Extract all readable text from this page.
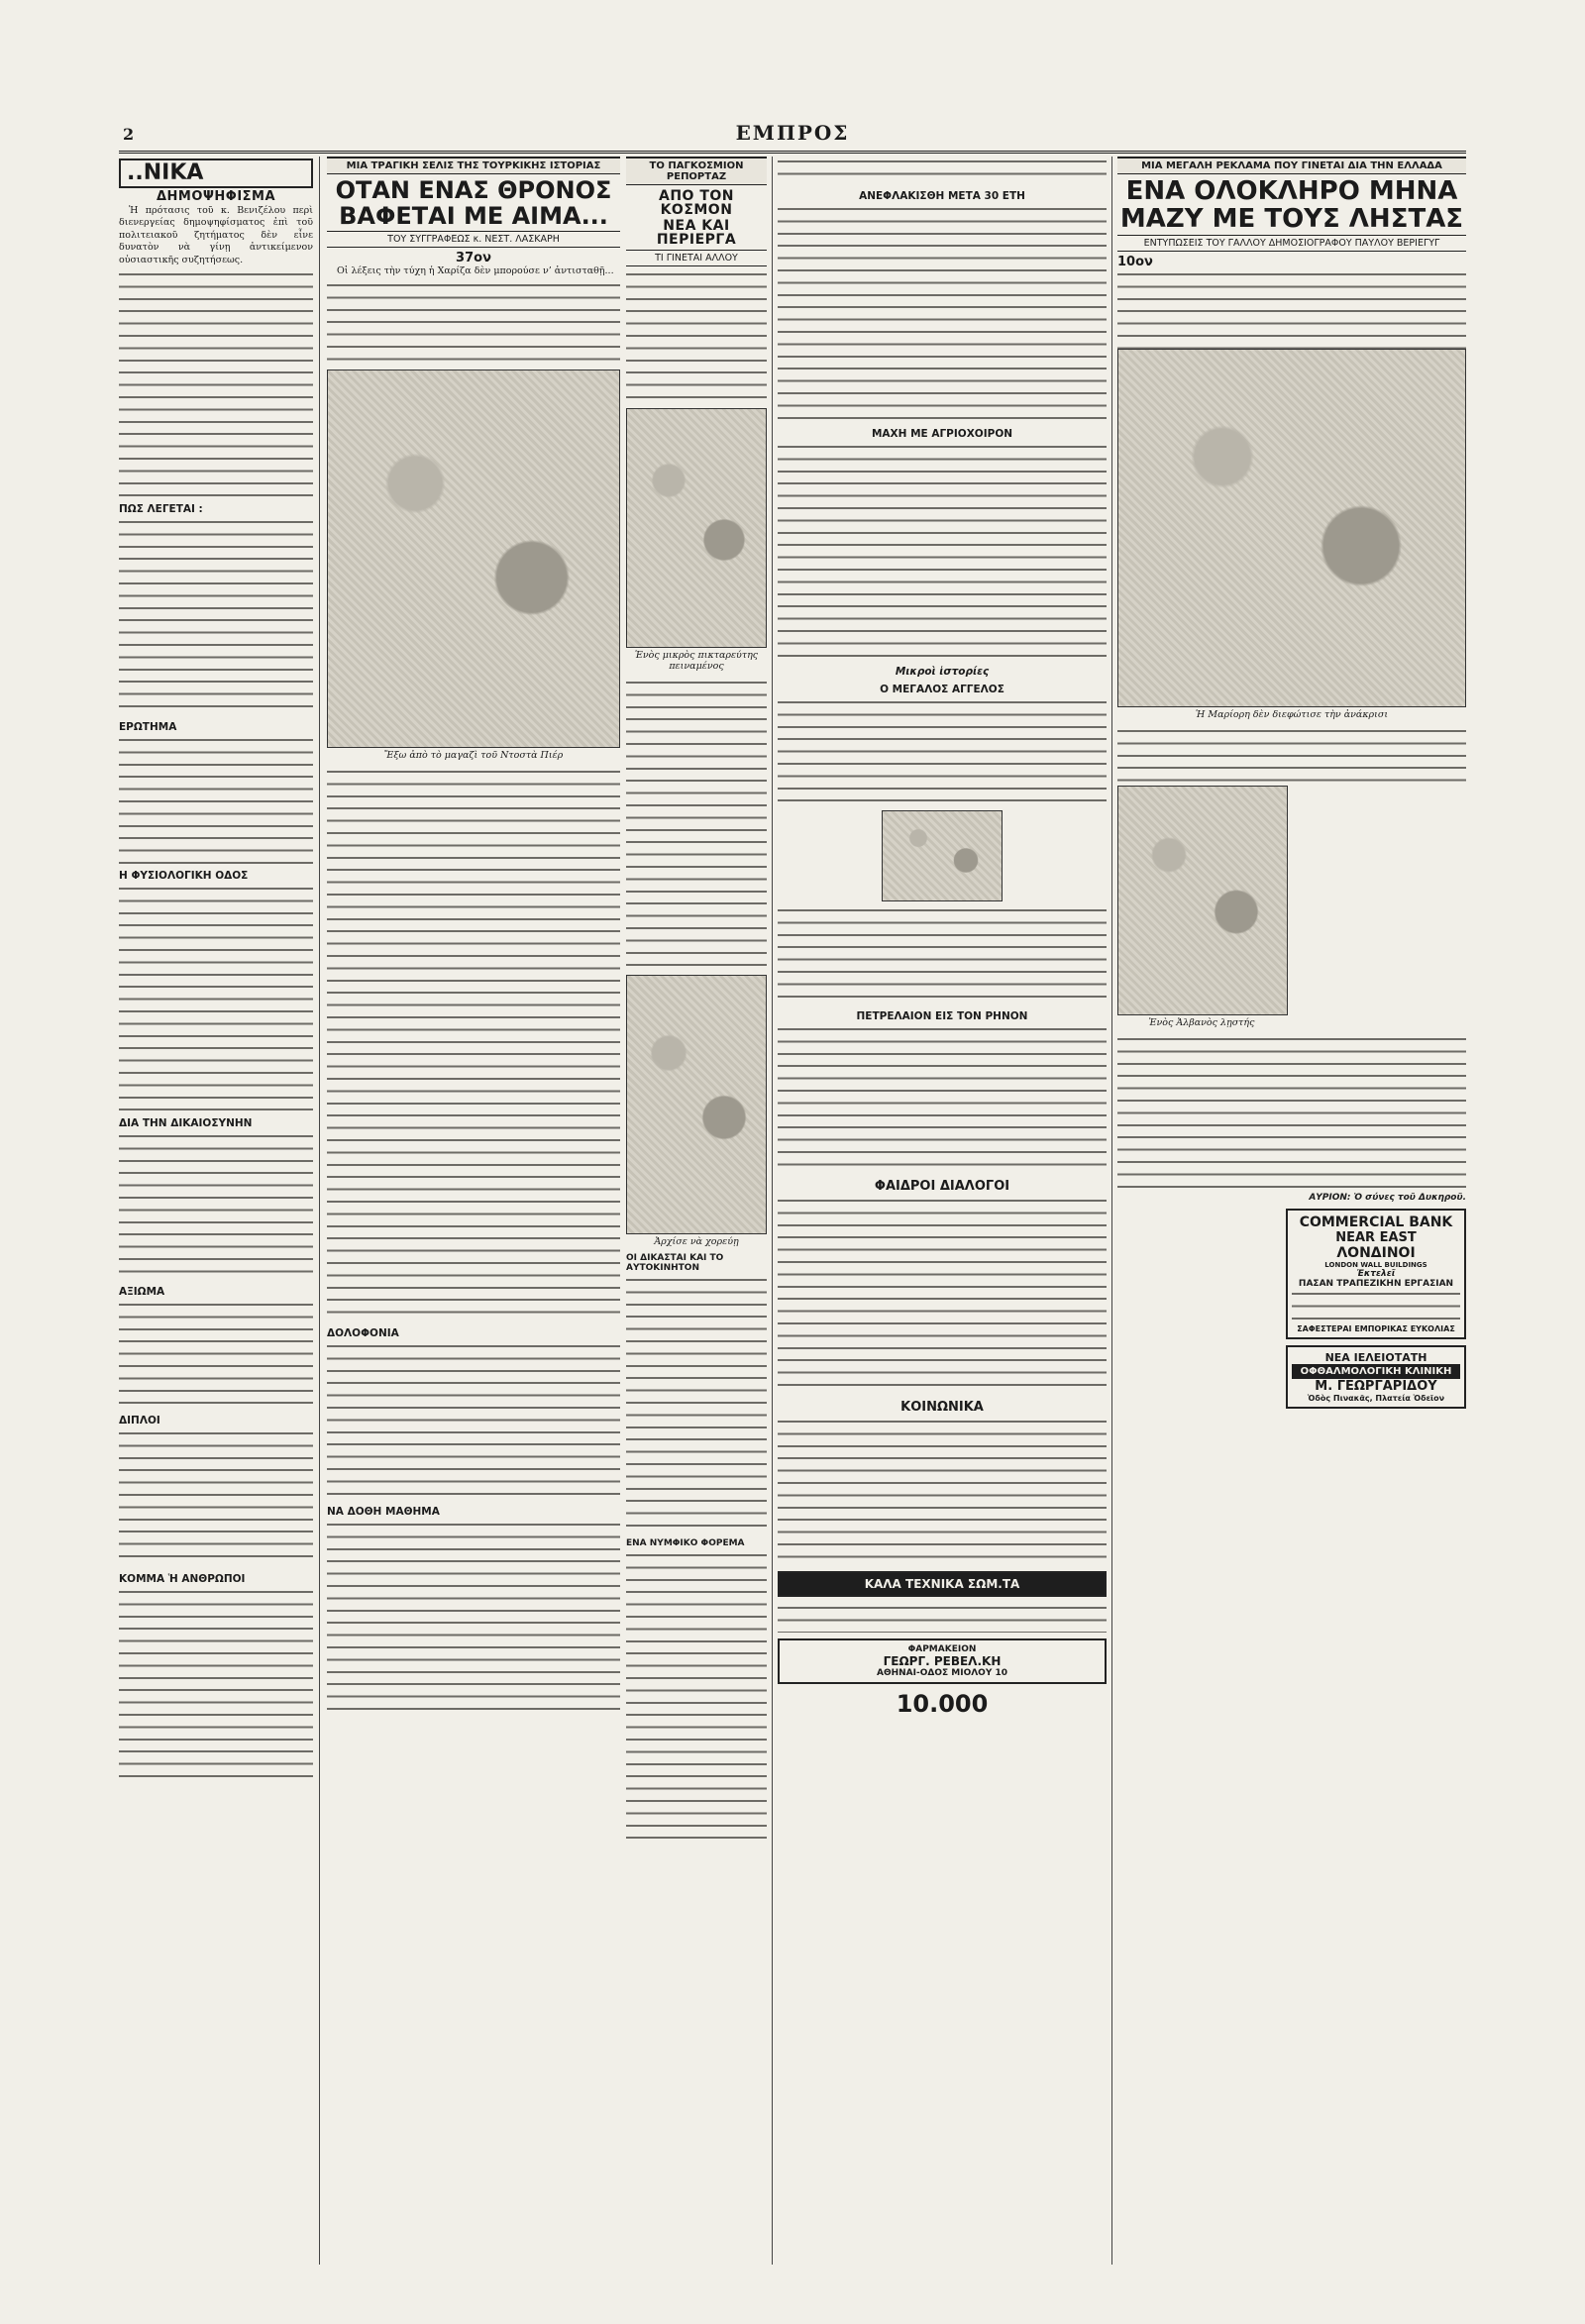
2	ΕΜΠΡΟΣ
..ΝΙΚΑ
ΔΗΜΟΨΗΦΙΣΜΑ

Ἡ πρότασις τοῦ κ. Βενιζέλου περὶ διενεργείας δημοψηφίσματος ἐπὶ τοῦ πολιτειακοῦ ζητήματος δὲν εἶνε δυνατὸν νὰ γίνῃ ἀντικείμενον οὐσιαστικῆς συζητήσεως.

ΠΩΣ ΛΕΓΕΤΑΙ :
ΕΡΩΤΗΜΑ
Η ΦΥΣΙΟΛΟΓΙΚΗ ΟΔΟΣ
ΔΙΑ ΤΗΝ ΔΙΚΑΙΟΣΥΝΗΝ
ΑΞΙΩΜΑ
ΔΙΠΛΟΙ
ΚΟΜΜΑ Ἡ ΑΝΘΡΩΠΟΙ
ΜΙΑ ΤΡΑΓΙΚΗ ΣΕΛΙΣ ΤΗΣ ΤΟΥΡΚΙΚΗΣ ΙΣΤΟΡΙΑΣ
ΟΤΑΝ ΕΝΑΣ ΘΡΟΝΟΣ
ΒΑΦΕΤΑΙ ΜΕ ΑΙΜΑ...
ΤΟΥ ΣΥΓΓΡΑΦΕΩΣ κ. ΝΕΣΤ. ΛΑΣΚΑΡΗ
37ον

Οἱ λέξεις τὴν τύχη ἡ Χαρίζα δὲν μπορούσε ν’ ἀντισταθῇ...

Ἔξω ἀπὸ τὸ μαγαζὶ τοῦ Ντοστὰ Πιέρ
ΔΟΛΟΦΟΝΙΑ
ΝΑ ΔΟΘΗ ΜΑΘΗΜΑ
ΤΟ ΠΑΓΚΟΣΜΙΟΝ ΡΕΠΟΡΤΑΖ
ΑΠΟ ΤΟΝ ΚΟΣΜΟΝ
ΝΕΑ ΚΑΙ ΠΕΡΙΕΡΓΑ
ΤΙ ΓΙΝΕΤΑΙ ΑΛΛΟΥ
Ἑνὸς μικρὸς πικταρεύτης πειναμένος
Ἀρχίσε νὰ χορεύῃ
ΟΙ ΔΙΚΑΣΤΑΙ ΚΑΙ ΤΟ ΑΥΤΟΚΙΝΗΤΟΝ
ΕΝΑ ΝΥΜΦΙΚΟ ΦΟΡΕΜΑ
ΑΝΕΦΛΑΚΙΣΘΗ ΜΕΤΑ 30 ΕΤΗ
ΜΑΧΗ ΜΕ ΑΓΡΙΟΧΟΙΡΟΝ
Μικροὶ ἱστορίες
Ο ΜΕΓΑΛΟΣ ΑΓΓΕΛΟΣ
ΠΕΤΡΕΛΑΙΟΝ ΕΙΣ ΤΟΝ ΡΗΝΟΝ
ΦΑΙΔΡΟΙ ΔΙΑΛΟΓΟΙ
ΚΟΙΝΩΝΙΚΑ
ΚΑΛΑ ΤΕΧΝΙΚΑ ΣΩΜ.ΤΑ
ΦΑΡΜΑΚΕΙΟΝ
ΓΕΩΡΓ. ΡΕΒΕΛ.ΚΗ
ΑΘΗΝΑΙ-ΟΔΟΣ ΜΙΟΛΟΥ 10
10.000
ΜΙΑ ΜΕΓΑΛΗ ΡΕΚΛΑΜΑ ΠΟΥ ΓΙΝΕΤΑΙ ΔΙΑ ΤΗΝ ΕΛΛΑΔΑ
ΕΝΑ ΟΛΟΚΛΗΡΟ ΜΗΝΑ
ΜΑΖΥ ΜΕ ΤΟΥΣ ΛΗΣΤΑΣ
ΕΝΤΥΠΩΣΕΙΣ ΤΟΥ ΓΑΛΛΟΥ ΔΗΜΟΣΙΟΓΡΑΦΟΥ ΠΑΥΛΟΥ ΒΕΡΙΕΓΥΓ
10ον
Ἡ Μαρίορη δὲν διεφώτισε τὴν ἀνάκρισι
Ἑνὸς Ἀλβανὸς λῃστής
ΑΥΡΙΟΝ: Ὁ σύνες τοῦ Δυκηροῦ.
COMMERCIAL BANK
NEAR EAST
ΛΟΝΔΙΝΟΙ
LONDON WALL BUILDINGS
Ἐκτελεῖ
ΠΑΣΑΝ ΤΡΑΠΕΖΙΚΗΝ ΕΡΓΑΣΙΑΝ
ΣΑΦΕΣΤΕΡΑΙ ΕΜΠΟΡΙΚΑΣ ΕΥΚΟΛΙΑΣ
ΝΕΑ ΙΕΛΕΙΟΤΑΤΗ
ΟΦΘΑΛΜΟΛΟΓΙΚΗ ΚΛΙΝΙΚΗ
Μ. ΓΕΩΡΓΑΡΙΔΟΥ
Ὁδὸς Πινακᾶς, Πλατεία Ὁδεῖον
